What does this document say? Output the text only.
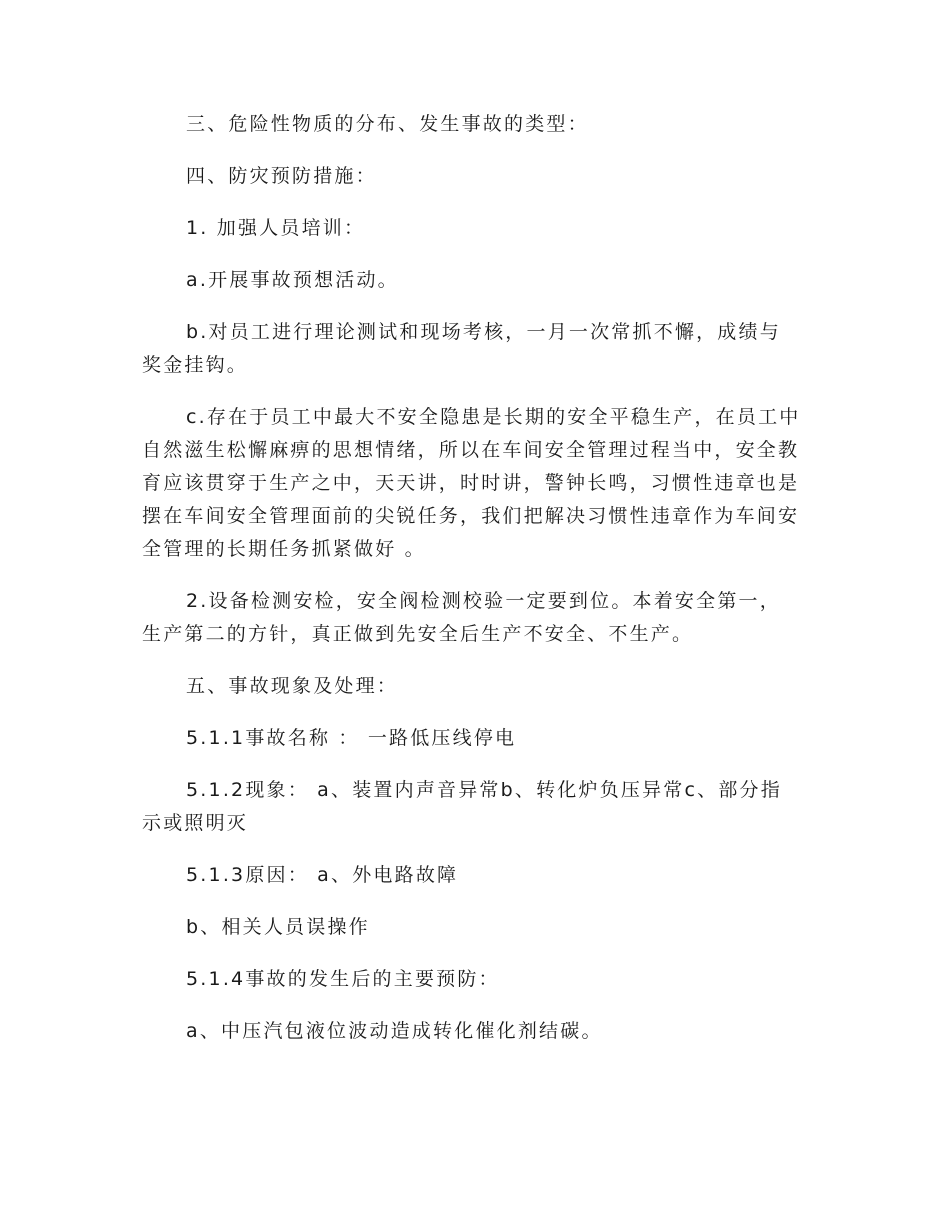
三、危险性物质的分布、发生事故的类型：

四、防灾预防措施：

1. 加强人员培训：

a.开展事故预想活动。

b.对员工进行理论测试和现场考核，一月一次常抓不懈，成绩与奖金挂钩。

c.存在于员工中最大不安全隐患是长期的安全平稳生产，在员工中自然滋生松懈麻痹的思想情绪，所以在车间安全管理过程当中，安全教育应该贯穿于生产之中，天天讲，时时讲，警钟长鸣，习惯性违章也是摆在车间安全管理面前的尖锐任务，我们把解决习惯性违章作为车间安全管理的长期任务抓紧做好 。

2.设备检测安检，安全阀检测校验一定要到位。本着安全第一，生产第二的方针，真正做到先安全后生产不安全、不生产。

五、事故现象及处理：

5.1.1事故名称 ： 一路低压线停电

5.1.2现象： a、装置内声音异常b、转化炉负压异常c、部分指示或照明灭

5.1.3原因： a、外电路故障

b、相关人员误操作

5.1.4事故的发生后的主要预防：

a、中压汽包液位波动造成转化催化剂结碳。
